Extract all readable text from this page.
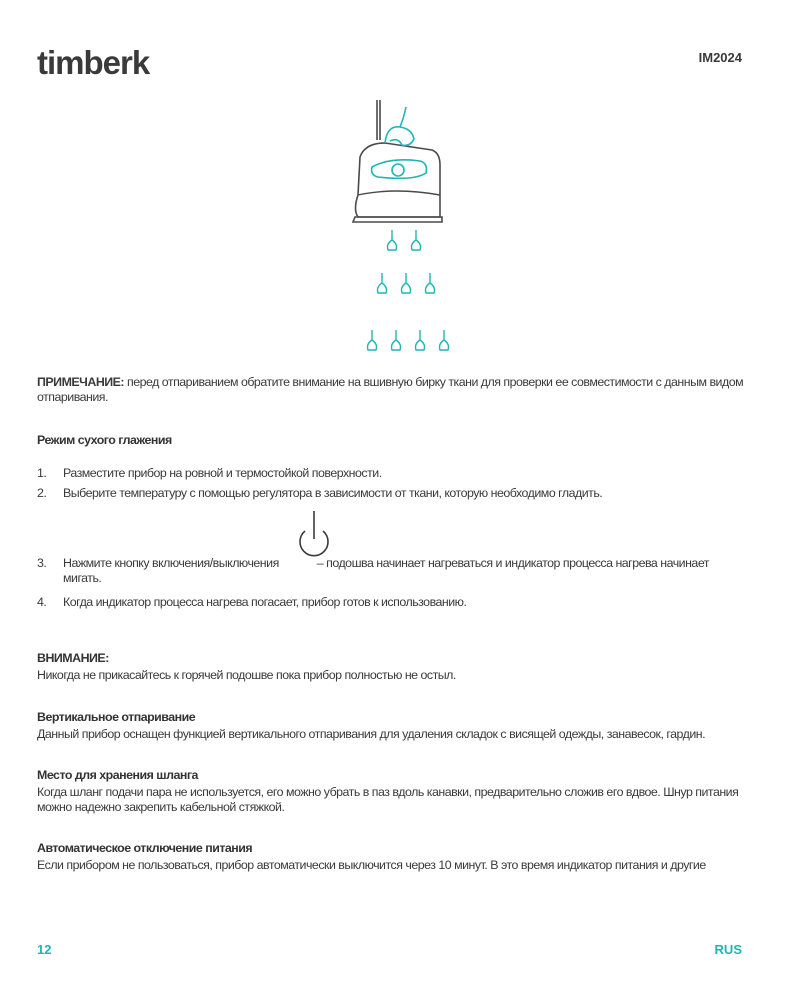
timberk	IM2024
ПРИМЕЧАНИЕ: перед отпариванием обратите внимание на вшивную бирку ткани для проверки ее совместимости с данным видом отпаривания.
Режим сухого глажения
1. Разместите прибор на ровной и термостойкой поверхности.
2. Выберите температуру с помощью регулятора в зависимости от ткани, которую необходимо гладить.
3. Нажмите кнопку включения/выключения	– подошва начинает нагреваться и индикатор процесса нагрева начинает мигать.
4. Когда индикатор процесса нагрева погасает, прибор готов к использованию.
ВНИМАНИЕ:
Никогда не прикасайтесь к горячей подошве пока прибор полностью не остыл.
Вертикальное отпаривание
Данный прибор оснащен функцией вертикального отпаривания для удаления складок с висящей одежды, занавесок, гардин.
Место для хранения шланга
Когда шланг подачи пара не используется, его можно убрать в паз вдоль канавки, предварительно сложив его вдвое. Шнур питания можно надежно закрепить кабельной стяжкой.
Автоматическое отключение питания
Если прибором не пользоваться, прибор автоматически выключится через 10 минут. В это время индикатор питания и другие
12	RUS
